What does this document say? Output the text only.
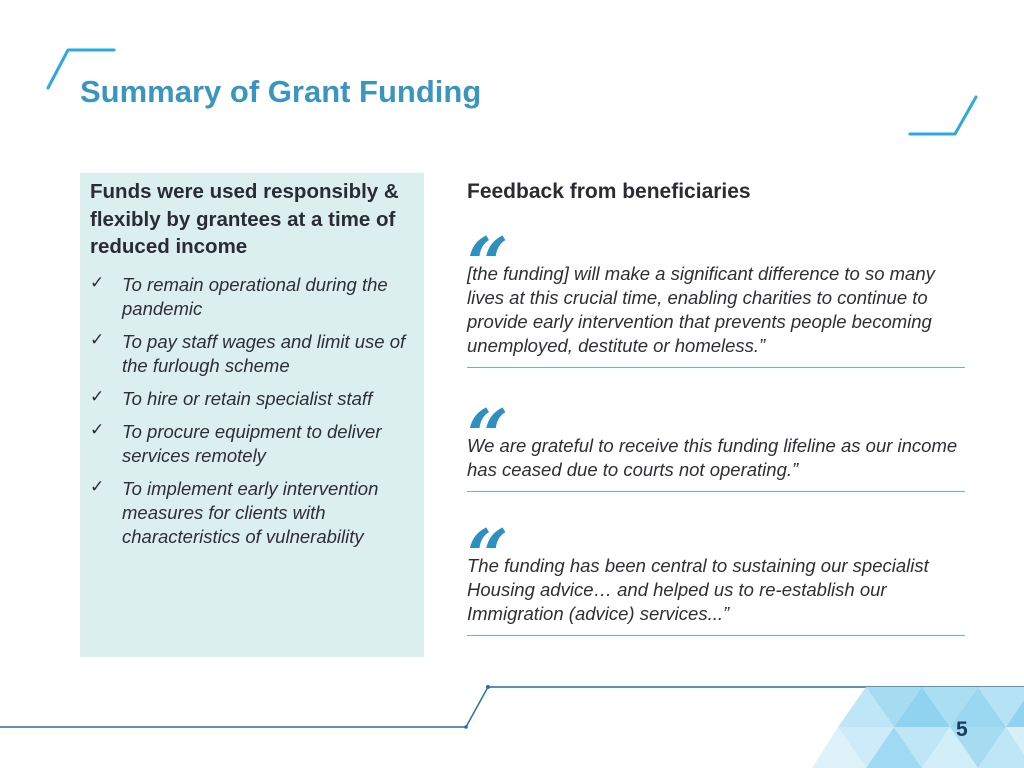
Summary of Grant Funding
Funds were used responsibly & flexibly by grantees at a time of reduced income
✓ To remain operational during the pandemic
✓ To pay staff wages and limit use of the furlough scheme
✓ To hire or retain specialist staff
✓ To procure equipment to deliver services remotely
✓ To implement early intervention measures for clients with characteristics of vulnerability
Feedback from beneficiaries
“

[the funding] will make a significant difference to so many lives at this crucial time, enabling charities to continue to provide early intervention that prevents people becoming unemployed, destitute or homeless.”

“

We are grateful to receive this funding lifeline as our income has ceased due to courts not operating.”

“

The funding has been central to sustaining our specialist Housing advice… and helped us to re-establish our Immigration (advice) services...”

5
